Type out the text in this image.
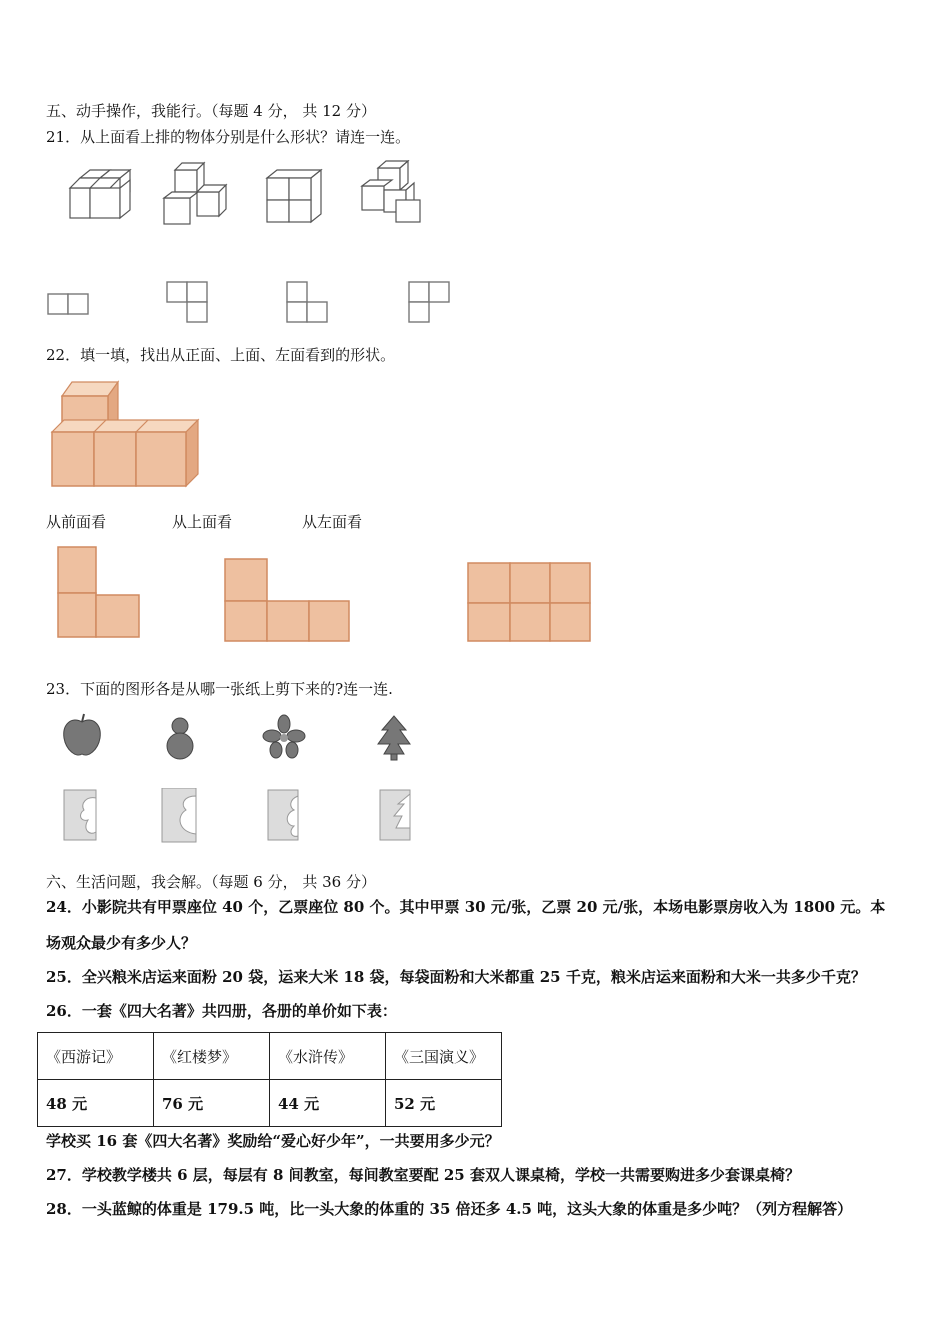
五、动手操作，我能行。（每题 4 分， 共 12 分）
21．从上面看上排的物体分别是什么形状？请连一连。
22．填一填，找出从正面、上面、左面看到的形状。
从前面看	从上面看	从左面看
23．下面的图形各是从哪一张纸上剪下来的?连一连.
六、生活问题，我会解。（每题 6 分， 共 36 分）
24．小影院共有甲票座位 40 个，乙票座位 80 个。其中甲票 30 元/张，乙票 20 元/张，本场电影票房收入为 1800 元。本
场观众最少有多少人？
25．全兴粮米店运来面粉 20 袋，运来大米 18 袋，每袋面粉和大米都重 25 千克，粮米店运来面粉和大米一共多少千克？
26．一套《四大名著》共四册，各册的单价如下表：
《西游记》	《红楼梦》	《水浒传》	《三国演义》
48 元	76 元	44 元	52 元
学校买 16 套《四大名著》奖励给“爱心好少年”，一共要用多少元？
27．学校教学楼共 6 层，每层有 8 间教室，每间教室要配 25 套双人课桌椅，学校一共需要购进多少套课桌椅？
28．一头蓝鲸的体重是 179.5 吨，比一头大象的体重的 35 倍还多 4.5 吨，这头大象的体重是多少吨？（列方程解答）
